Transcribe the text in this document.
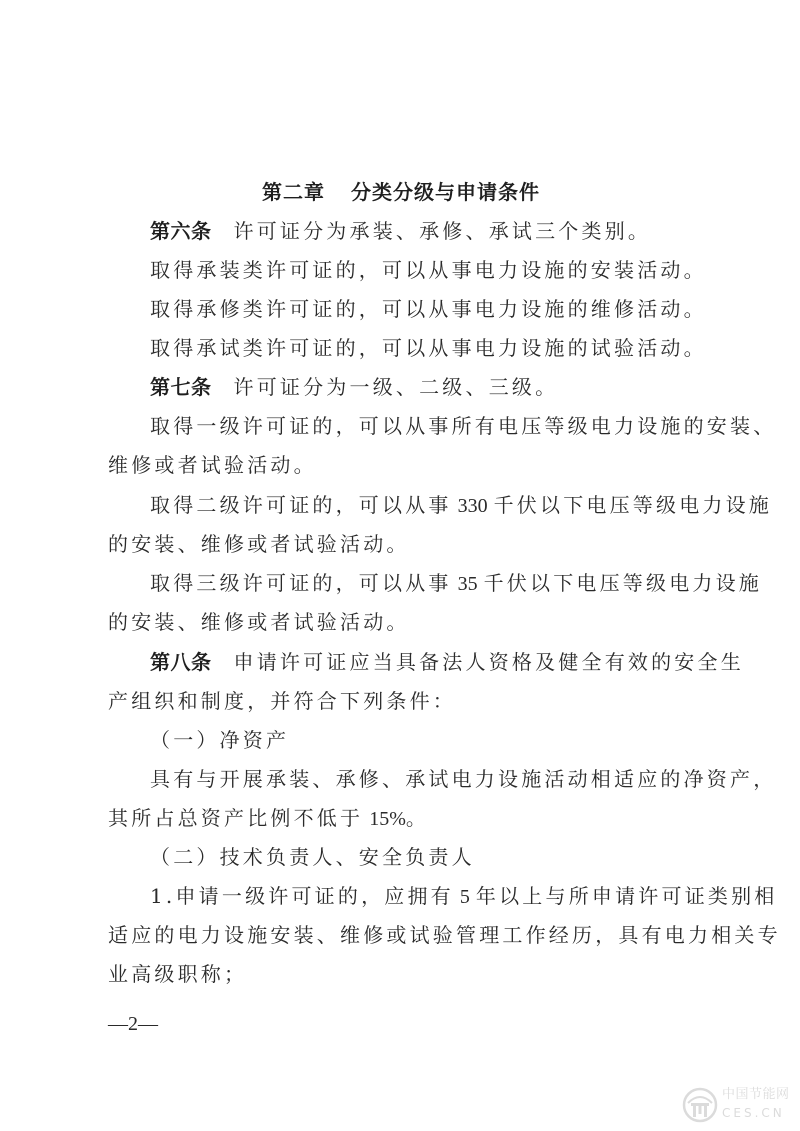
第二章 分类分级与申请条件
第六条 许可证分为承装、承修、承试三个类别。
取得承装类许可证的，可以从事电力设施的安装活动。
取得承修类许可证的，可以从事电力设施的维修活动。
取得承试类许可证的，可以从事电力设施的试验活动。
第七条 许可证分为一级、二级、三级。
取得一级许可证的，可以从事所有电压等级电力设施的安装、
维修或者试验活动。
取得二级许可证的，可以从事 330 千伏以下电压等级电力设施
的安装、维修或者试验活动。
取得三级许可证的，可以从事 35 千伏以下电压等级电力设施
的安装、维修或者试验活动。
第八条 申请许可证应当具备法人资格及健全有效的安全生
产组织和制度，并符合下列条件：
（一）净资产
具有与开展承装、承修、承试电力设施活动相适应的净资产，
其所占总资产比例不低于 15%。
（二）技术负责人、安全负责人
1.申请一级许可证的，应拥有 5 年以上与所申请许可证类别相
适应的电力设施安装、维修或试验管理工作经历，具有电力相关专
业高级职称；
—2—
中国节能网
CES.CN
